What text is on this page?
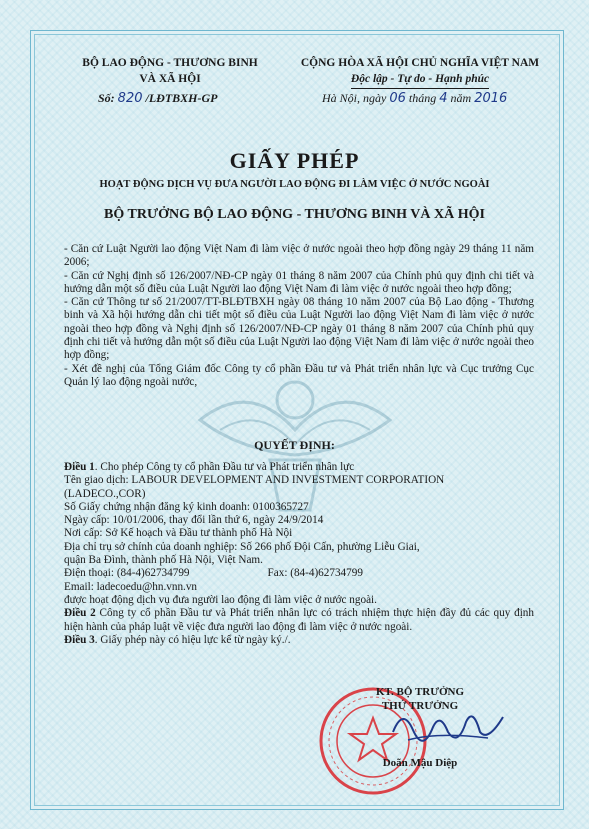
BỘ LAO ĐỘNG - THƯƠNG BINH
VÀ XÃ HỘI
CỘNG HÒA XÃ HỘI CHỦ NGHĨA VIỆT NAM
Độc lập - Tự do - Hạnh phúc
Số: 820 /LĐTBXH-GP	Hà Nội, ngày 06 tháng 4 năm 2016
GIẤY PHÉP
HOẠT ĐỘNG DỊCH VỤ ĐƯA NGƯỜI LAO ĐỘNG ĐI LÀM VIỆC Ở NƯỚC NGOÀI
BỘ TRƯỞNG BỘ LAO ĐỘNG - THƯƠNG BINH VÀ XÃ HỘI

- Căn cứ Luật Người lao động Việt Nam đi làm việc ở nước ngoài theo hợp đồng ngày 29 tháng 11 năm 2006;

- Căn cứ Nghị định số 126/2007/NĐ-CP ngày 01 tháng 8 năm 2007 của Chính phủ quy định chi tiết và hướng dẫn một số điều của Luật Người lao động Việt Nam đi làm việc ở nước ngoài theo hợp đồng;

- Căn cứ Thông tư số 21/2007/TT-BLĐTBXH ngày 08 tháng 10 năm 2007 của Bộ Lao động - Thương binh và Xã hội hướng dẫn chi tiết một số điều của Luật Người lao động Việt Nam đi làm việc ở nước ngoài theo hợp đồng và Nghị định số 126/2007/NĐ-CP ngày 01 tháng 8 năm 2007 của Chính phủ quy định chi tiết và hướng dẫn một số điều của Luật Người lao động Việt Nam đi làm việc ở nước ngoài theo hợp đồng;

- Xét đề nghị của Tổng Giám đốc Công ty cổ phần Đầu tư và Phát triển nhân lực và Cục trưởng Cục Quản lý lao động ngoài nước,

QUYẾT ĐỊNH:
Điều 1. Cho phép Công ty cổ phần Đầu tư và Phát triển nhân lực
Tên giao dịch: LABOUR DEVELOPMENT AND INVESTMENT CORPORATION
(LADECO.,COR)
Số Giấy chứng nhận đăng ký kinh doanh: 0100365727
Ngày cấp: 10/01/2006, thay đổi lần thứ 6, ngày 24/9/2014
Nơi cấp: Sở Kế hoạch và Đầu tư thành phố Hà Nội
Địa chỉ trụ sở chính của doanh nghiệp: Số 266 phố Đội Cấn, phường Liễu Giai,
quận Ba Đình, thành phố Hà Nội, Việt Nam.
Điện thoại: (84-4)62734799	Fax: (84-4)62734799
Email: ladecoedu@hn.vnn.vn
được hoạt động dịch vụ đưa người lao động đi làm việc ở nước ngoài.
Điều 2 Công ty cổ phần Đầu tư và Phát triển nhân lực có trách nhiệm thực hiện đầy đủ các quy định hiện hành của pháp luật về việc đưa người lao động đi làm việc ở nước ngoài.
Điều 3. Giấy phép này có hiệu lực kể từ ngày ký./.
KT. BỘ TRƯỞNG
THỨ TRƯỞNG
Doãn Mậu Diệp
